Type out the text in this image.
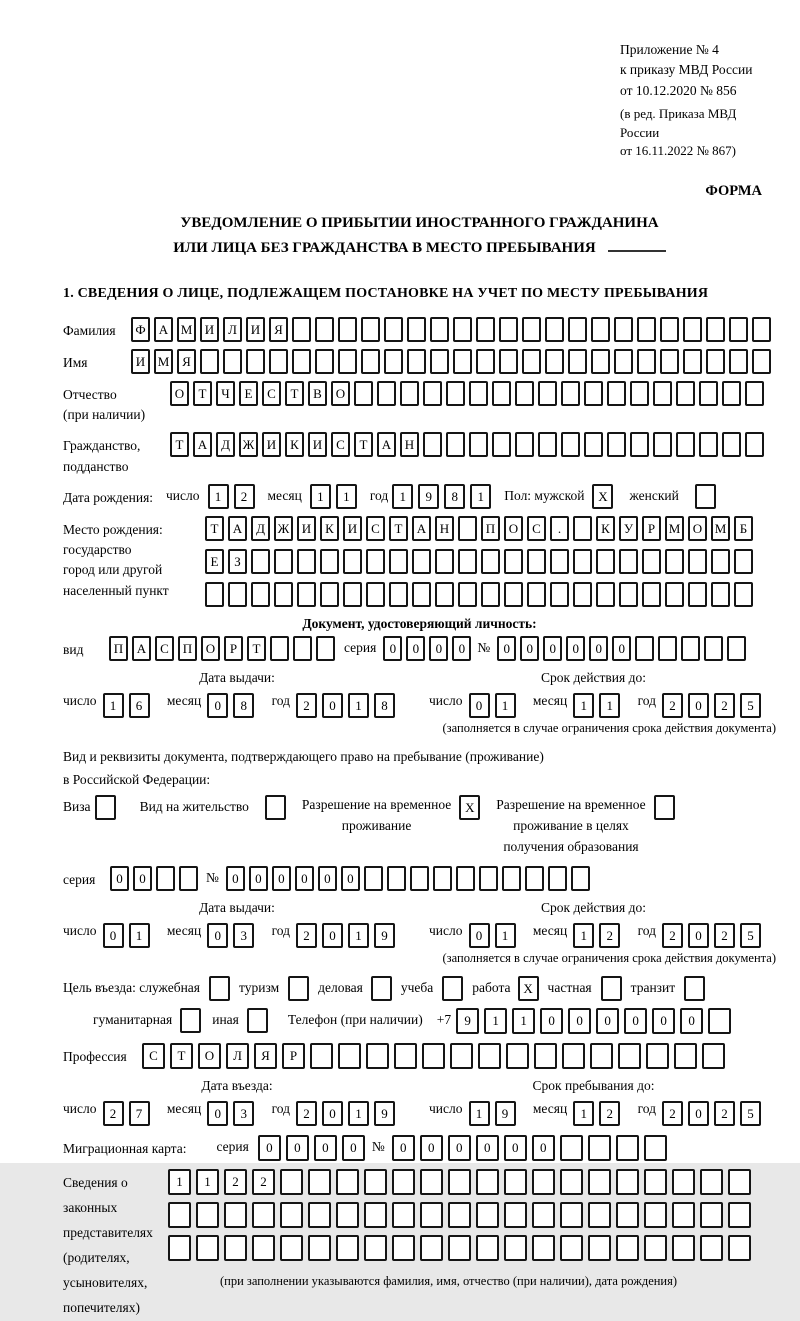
Приложение № 4
к приказу МВД России
от 10.12.2020 № 856
(в ред. Приказа МВД России
от 16.11.2022 № 867)
ФОРМА
УВЕДОМЛЕНИЕ О ПРИБЫТИИ ИНОСТРАННОГО ГРАЖДАНИНА
ИЛИ ЛИЦА БЕЗ ГРАЖДАНСТВА В МЕСТО ПРЕБЫВАНИЯ
1. СВЕДЕНИЯ О ЛИЦЕ, ПОДЛЕЖАЩЕМ ПОСТАНОВКЕ НА УЧЕТ ПО МЕСТУ ПРЕБЫВАНИЯ
Фамилия	Ф А М И Л И Я
Имя	И М Я
Отчество
(при наличии)
О Т Ч Е С Т В О
Гражданство,
подданство
Т А Д Ж И К И С Т А Н
Дата рождения: число	1 2	месяц	1 1	год 1 9 8 1	Пол: мужской	X	женский

Место рождения:
государство
город или другой
населенный пункт
Т А Д Ж И К И С Т А Н	П О С .	К У Р М О М Б
Е З

Документ, удостоверяющий личность:
вид	П А С П О Р Т	серия	0 0 0 0 №	0 0 0 0 0 0
Дата выдачи:	Срок действия до:
число 1 6 месяц 0 8 год 2 0 1 8	число 0 1 месяц 1 1 год 2 0 2 5
(заполняется в случае ограничения срока действия документа)
Вид и реквизиты документа, подтверждающего право на пребывание (проживание)
в Российской Федерации:
Виза
	Вид на жительство
	Разрешение на временное
проживание
X	Разрешение на временное
проживание в целях
получения образования

серия	0 0	№	0 0 0 0 0 0
Дата выдачи:	Срок действия до:
число 0 1 месяц 0 3 год 2 0 1 9	число 0 1 месяц 1 2 год 2 0 2 5
(заполняется в случае ограничения срока действия документа)
Цель въезда: служебная
	туризм
	деловая
	учеба
	работа X	частная
	транзит

гуманитарная
	иная
	Телефон (при наличии) +7	9 1 1 0 0 0 0 0 0
Профессия	С Т О Л Я Р
Дата въезда:	Срок пребывания до:
число 2 7 месяц 0 3 год 2 0 1 9	число 1 9 месяц 1 2 год 2 0 2 5
Миграционная карта: серия	0 0 0 0	№	0 0 0 0 0 0
Сведения о
законных
представителях
(родителях,
усыновителях,
попечителях)
1 1 2 2

(при заполнении указываются фамилия, имя, отчество (при наличии), дата рождения)
